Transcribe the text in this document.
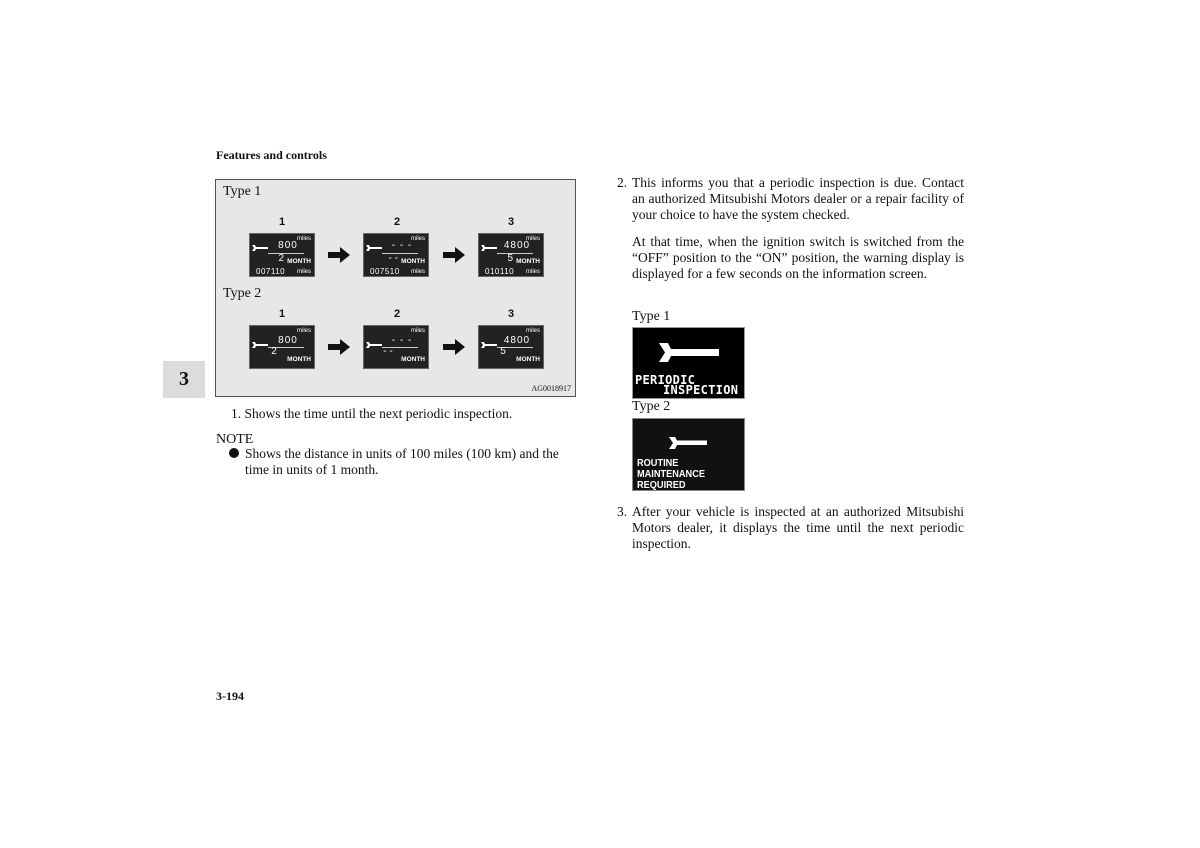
Features and controls
3
Type 1
1	2	3
miles
800
2 MONTH
007110 miles
miles
- - -
- - MONTH
007510 miles
miles
4800
5 MONTH
010110 miles
Type 2
1	2	3
miles
800
2
MONTH
miles
- - -
- -
MONTH
miles
4800
5
MONTH
AG0018917
1. Shows the time until the next periodic inspection.
NOTE
Shows the distance in units of 100 miles (100 km) and the time in units of 1 month.
2. This informs you that a periodic inspection is due. Contact an authorized Mitsubishi Motors dealer or a repair facility of your choice to have the system checked.
At that time, when the ignition switch is switched from the “OFF” position to the “ON” position, the warning display is displayed for a few seconds on the information screen.
Type 1
PERIODIC
INSPECTION
Type 2
ROUTINE MAINTENANCE
REQUIRED
3. After your vehicle is inspected at an authorized Mitsubishi Motors dealer, it displays the time until the next periodic inspection.
3-194
